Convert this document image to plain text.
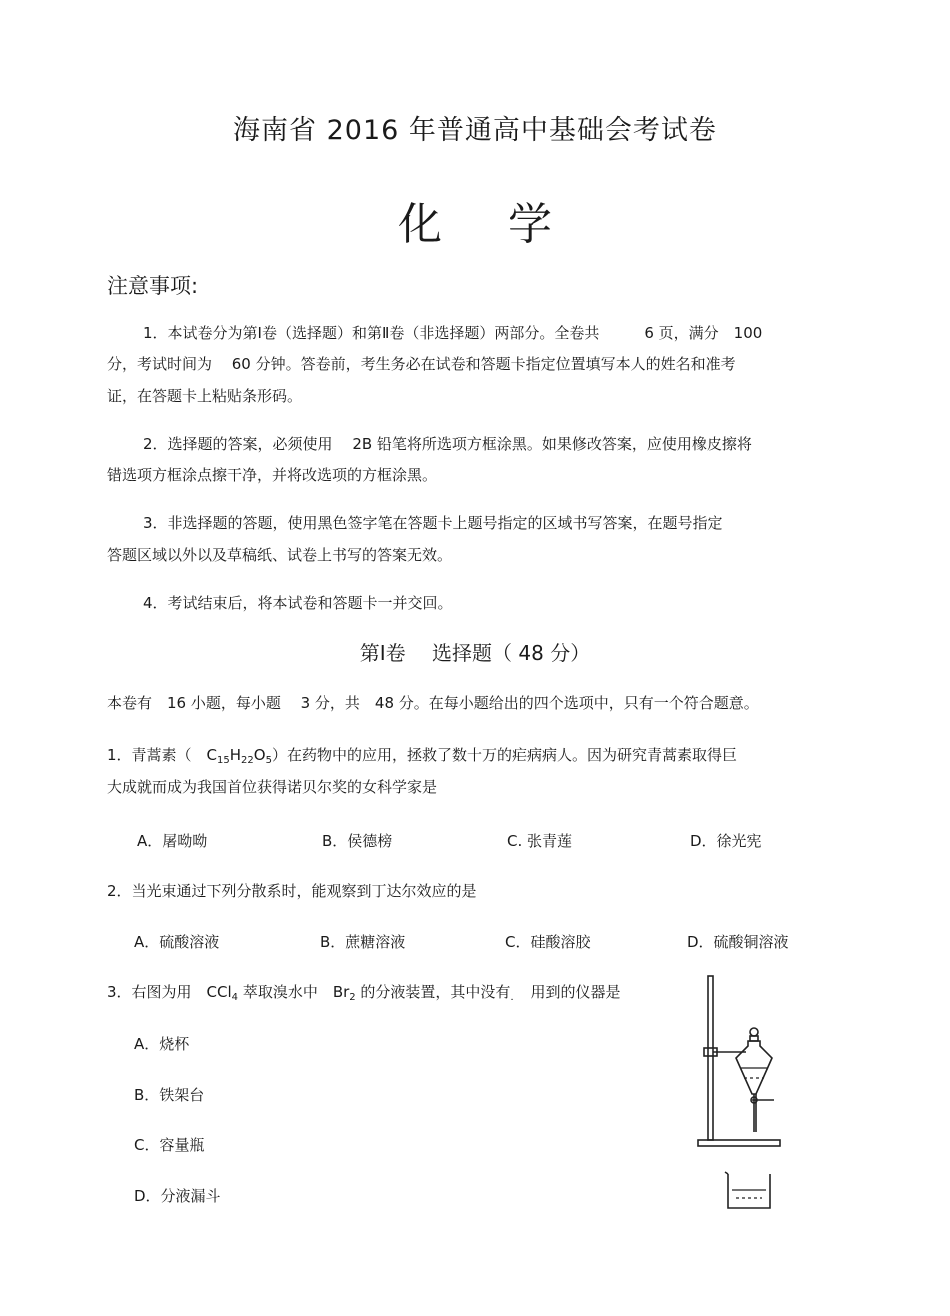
海南省 2016 年普通高中基础会考试卷
化 学
注意事项:
1．本试卷分为第Ⅰ卷（选择题）和第Ⅱ卷（非选择题）两部分。全卷共　　　6 页，满分　100
分，考试时间为　 60 分钟。答卷前，考生务必在试卷和答题卡指定位置填写本人的姓名和准考
证，在答题卡上粘贴条形码。
2．选择题的答案，必须使用　 2B 铅笔将所选项方框涂黑。如果修改答案，应使用橡皮擦将
错选项方框涂点擦干净，并将改选项的方框涂黑。
3．非选择题的答题，使用黑色签字笔在答题卡上题号指定的区域书写答案，在题号指定
答题区域以外以及草稿纸、试卷上书写的答案无效。
4．考试结束后，将本试卷和答题卡一并交回。
第Ⅰ卷　 选择题（ 48 分）
本卷有　16 小题，每小题　 3 分，共　48 分。在每小题给出的四个选项中，只有一个符合题意。
1．青蒿素（　$C_{15}H_{22}O_5$）在药物中的应用，拯救了数十万的疟病病人。因为研究青蒿素取得巨
大成就而成为我国首位获得诺贝尔奖的女科学家是
A．屠呦呦	B．侯德榜	C. 张青莲	D．徐光宪
2．当光束通过下列分散系时，能观察到丁达尔效应的是
A．硫酸溶液	B．蔗糖溶液	C．硅酸溶胶	D．硫酸铜溶液
3．右图为用　CCl$_4$ 萃取溴水中　$Br_2$ 的分液装置，其中没有$_.$　用到的仪器是
A．烧杯
B．铁架台
C．容量瓶
D．分液漏斗
